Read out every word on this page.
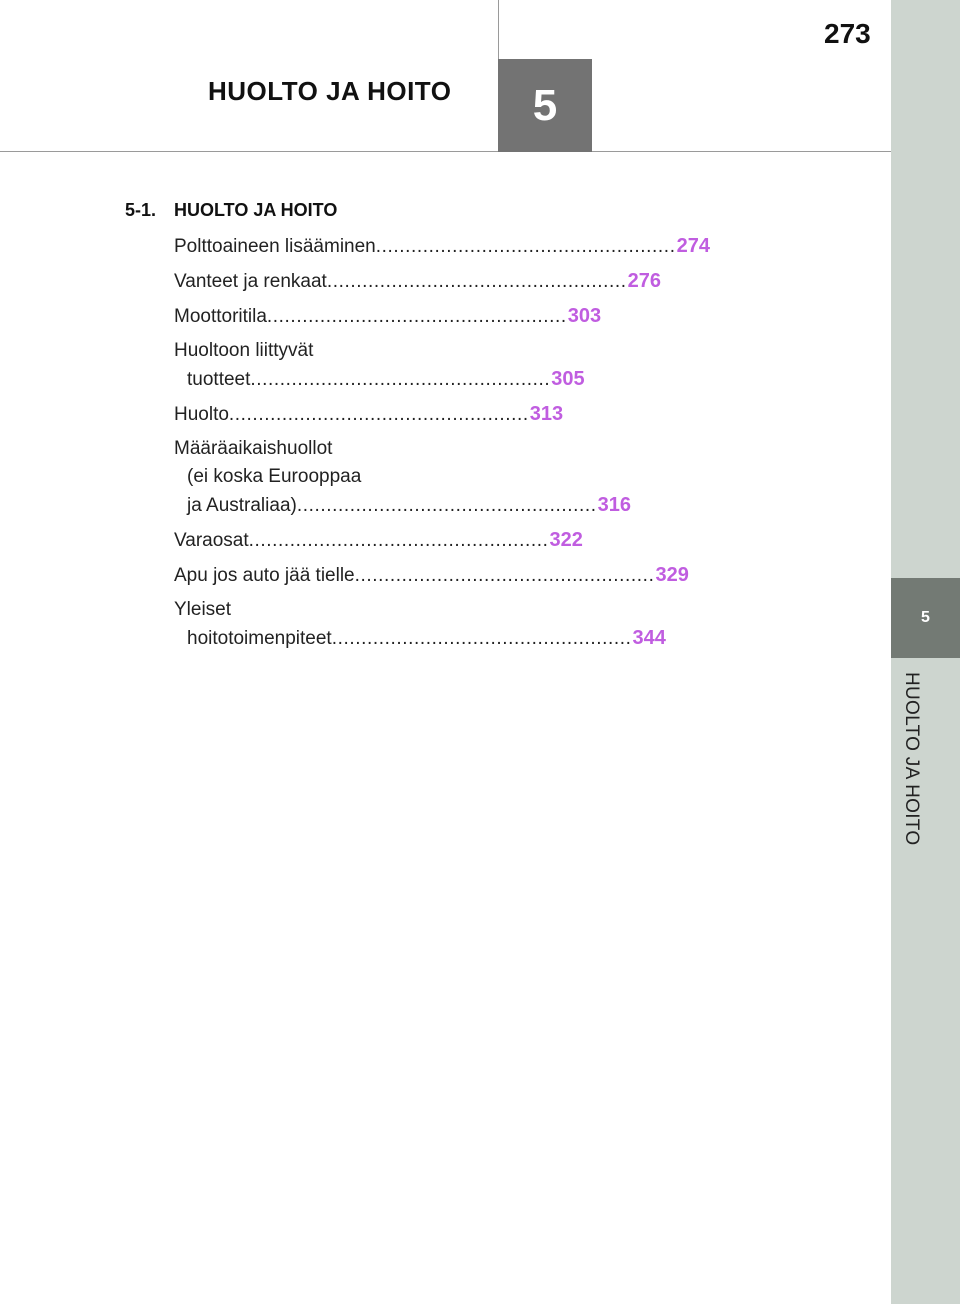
HUOLTO JA HOITO	5
273
5
HUOLTO JA HOITO
5-1. HUOLTO JA HOITO
Polttoaineen lisääminen ................................................... 274
Vanteet ja renkaat ................................................... 276
Moottoritila ................................................... 303
Huoltoon liittyvät
tuotteet ................................................... 305
Huolto ................................................... 313
Määräaikaishuollot
(ei koska Eurooppaa
ja Australiaa) ................................................... 316
Varaosat ................................................... 322
Apu jos auto jää tielle ................................................... 329
Yleiset
hoitotoimenpiteet ................................................... 344
